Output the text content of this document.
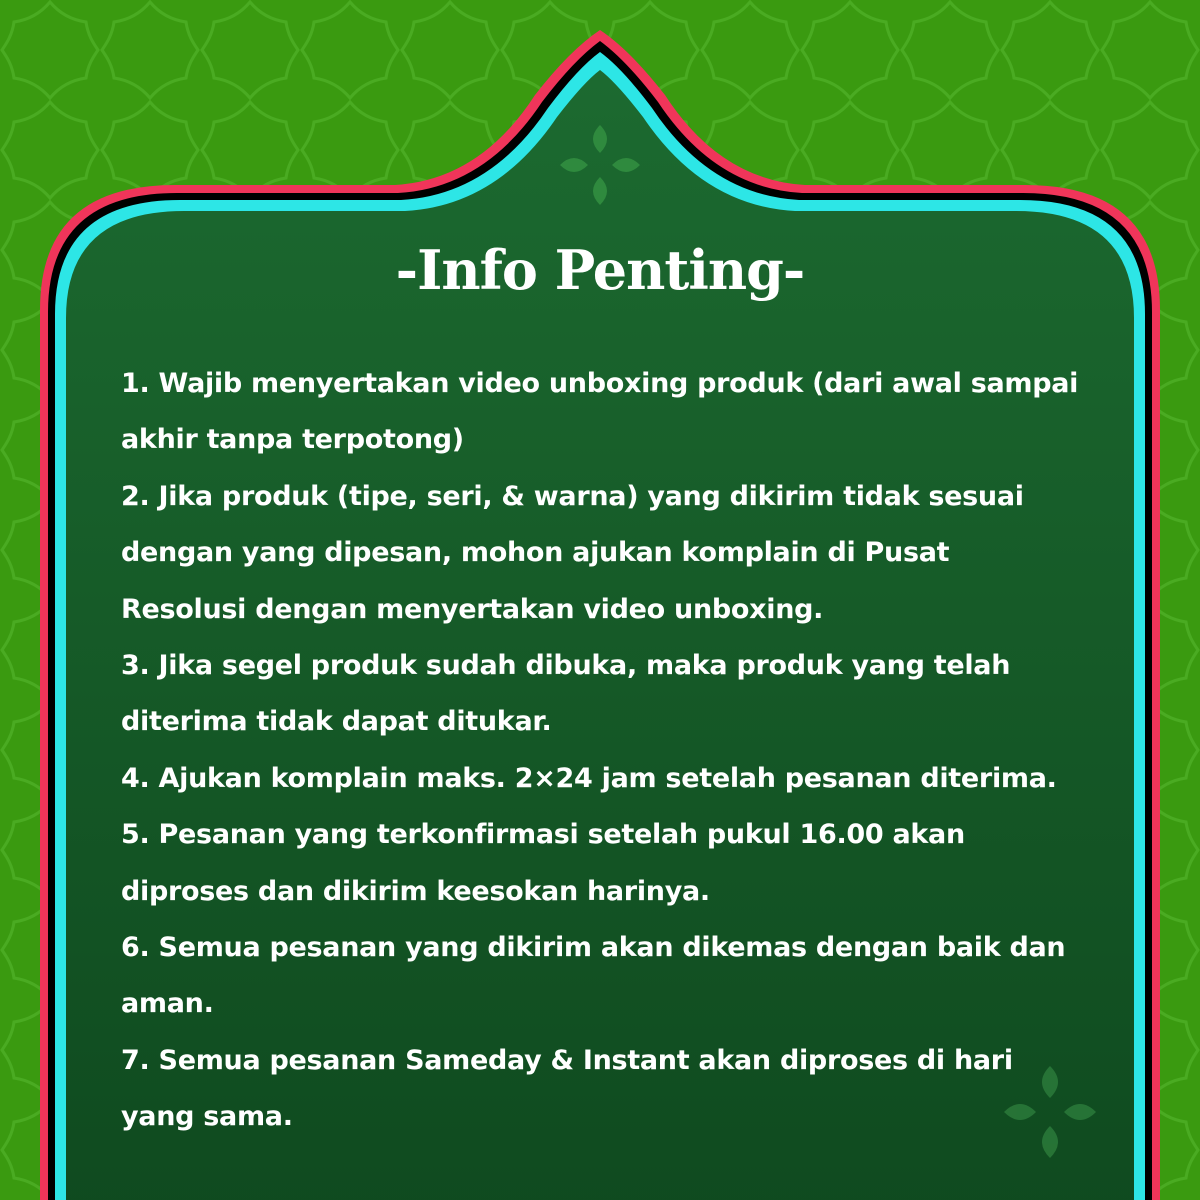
-Info Penting-
1. Wajib menyertakan video unboxing produk (dari awal sampai akhir tanpa terpotong)
2. Jika produk (tipe, seri, & warna) yang dikirim tidak sesuai dengan yang dipesan, mohon ajukan komplain di Pusat Resolusi dengan menyertakan video unboxing.
3. Jika segel produk sudah dibuka, maka produk yang telah diterima tidak dapat ditukar.
4. Ajukan komplain maks. 2×24 jam setelah pesanan diterima.
5. Pesanan yang terkonfirmasi setelah pukul 16.00 akan diproses dan dikirim keesokan harinya.
6. Semua pesanan yang dikirim akan dikemas dengan baik dan aman.
7. Semua pesanan Sameday & Instant akan diproses di hari yang sama.
